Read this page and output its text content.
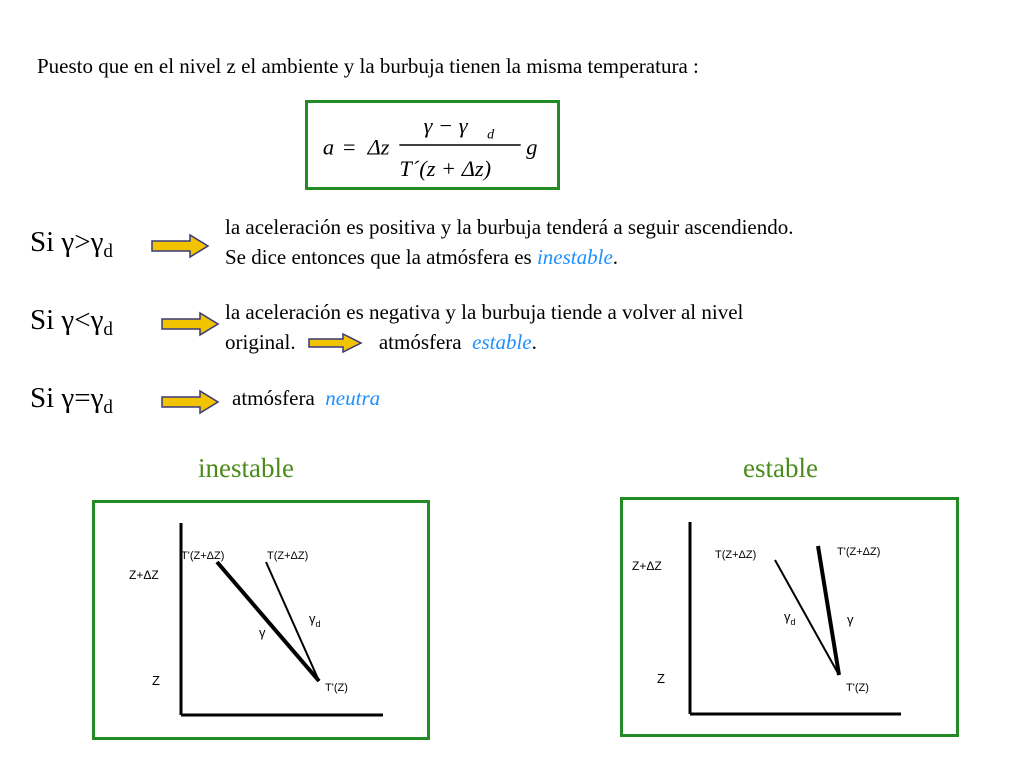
Puesto que en el nivel z el ambiente y la burbuja tienen la misma temperatura :
a = Δz
γ − γ d
T´(z + Δz)
g
Si $\gamma>\gamma_d$
la aceleración es positiva y la burbuja tenderá a seguir ascendiendo.
Se dice entonces que la atmósfera es inestable.
Si $\gamma<\gamma_d$
la aceleración es negativa y la burbuja tiende a volver al nivel
original.	atmósfera estable.
Si $\gamma=\gamma_d$	atmósfera neutra
inestable	estable
Z+ΔZ
Z
T'(Z+ΔZ)	T(Z+ΔZ)
γ
$\gamma_d$
T'(Z)
Z+ΔZ
Z
T(Z+ΔZ)	T'(Z+ΔZ)
$\gamma_d$	γ
T'(Z)
